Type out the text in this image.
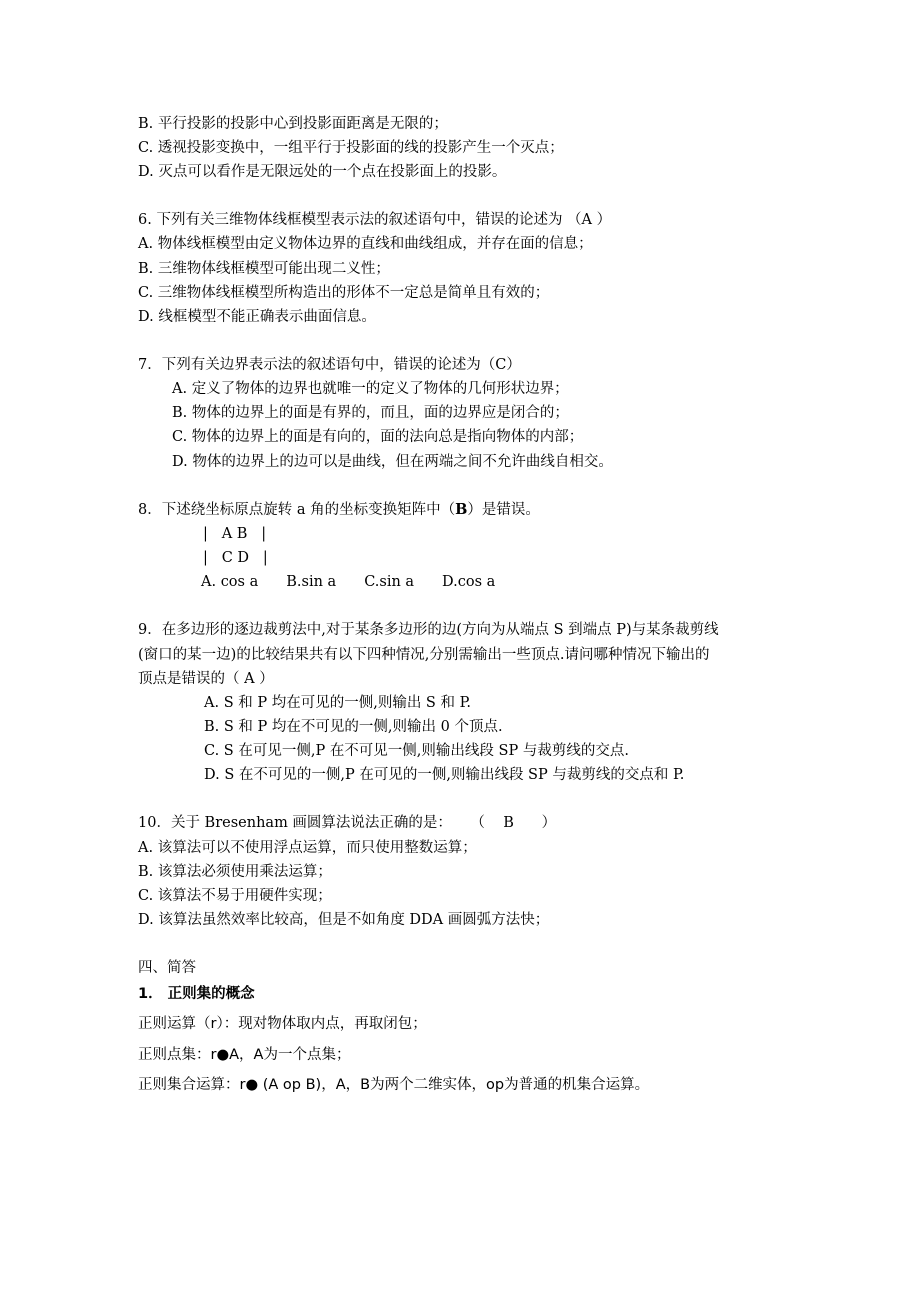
B. 平行投影的投影中心到投影面距离是无限的；
C. 透视投影变换中，一组平行于投影面的线的投影产生一个灭点；
D. 灭点可以看作是无限远处的一个点在投影面上的投影。
6. 下列有关三维物体线框模型表示法的叙述语句中，错误的论述为 （A ）
A. 物体线框模型由定义物体边界的直线和曲线组成，并存在面的信息；
B. 三维物体线框模型可能出现二义性；
C. 三维物体线框模型所构造出的形体不一定总是简单且有效的；
D. 线框模型不能正确表示曲面信息。
7．下列有关边界表示法的叙述语句中，错误的论述为（C）
A. 定义了物体的边界也就唯一的定义了物体的几何形状边界；
B. 物体的边界上的面是有界的，而且，面的边界应是闭合的；
C. 物体的边界上的面是有向的，面的法向总是指向物体的内部；
D. 物体的边界上的边可以是曲线，但在两端之间不允许曲线自相交。
8．下述绕坐标原点旋转 a 角的坐标变换矩阵中（B）是错误。
|   A B   |
|   C D   |
A. cos a B.sin a C.sin a D.cos a
9．在多边形的逐边裁剪法中,对于某条多边形的边(方向为从端点 S 到端点 P)与某条裁剪线
(窗口的某一边)的比较结果共有以下四种情况,分别需输出一些顶点.请问哪种情况下输出的
顶点是错误的（ A ）
A. S 和 P 均在可见的一侧,则输出 S 和 P.
B. S 和 P 均在不可见的一侧,则输出 0 个顶点.
C. S 在可见一侧,P 在不可见一侧,则输出线段 SP 与裁剪线的交点.
D. S 在不可见的一侧,P 在可见的一侧,则输出线段 SP 与裁剪线的交点和 P.
10．关于 Bresenham 画圆算法说法正确的是：    （    B      ）
A. 该算法可以不使用浮点运算，而只使用整数运算；
B. 该算法必须使用乘法运算；
C. 该算法不易于用硬件实现；
D. 该算法虽然效率比较高，但是不如角度 DDA 画圆弧方法快；
四、简答
1． 正则集的概念
正则运算（r）：现对物体取内点，再取闭包；
正则点集：r●A，A为一个点集；
正则集合运算：r● (A op B)，A，B为两个二维实体，op为普通的机集合运算。
